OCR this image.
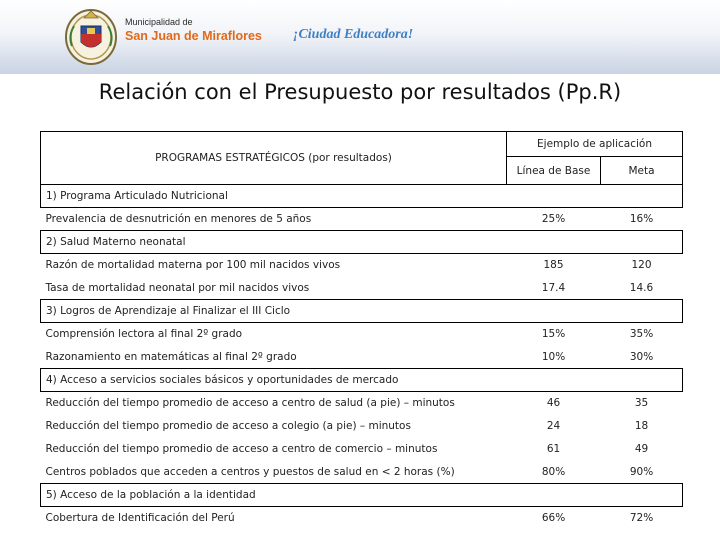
Municipalidad de
San Juan de Miraflores ¡Ciudad Educadora!
Relación con el Presupuesto por resultados (Pp.R)
PROGRAMAS ESTRATÉGICOS (por resultados)	Ejemplo de aplicación	
	Línea de Base	Meta
1) Programa Articulado Nutricional		
Prevalencia de desnutrición en menores de 5 años	25%	16%
2) Salud Materno neonatal		
Razón de mortalidad materna por 100 mil nacidos vivos	185	120
Tasa de mortalidad neonatal por mil nacidos vivos	17.4	14.6
3) Logros de Aprendizaje al Finalizar el III Ciclo		
Comprensión lectora al final 2º grado	15%	35%
Razonamiento en matemáticas al final 2º grado	10%	30%
4) Acceso a servicios sociales básicos y oportunidades de mercado		
Reducción del tiempo promedio de acceso a centro de salud (a pie) – minutos	46	35
Reducción del tiempo promedio de acceso a colegio (a pie) – minutos	24	18
Reducción del tiempo promedio de acceso a centro de comercio – minutos	61	49
Centros poblados que acceden a centros y puestos de salud en < 2 horas (%)	80%	90%
5) Acceso de la población a la identidad		
Cobertura de Identificación del Perú	66%	72%
